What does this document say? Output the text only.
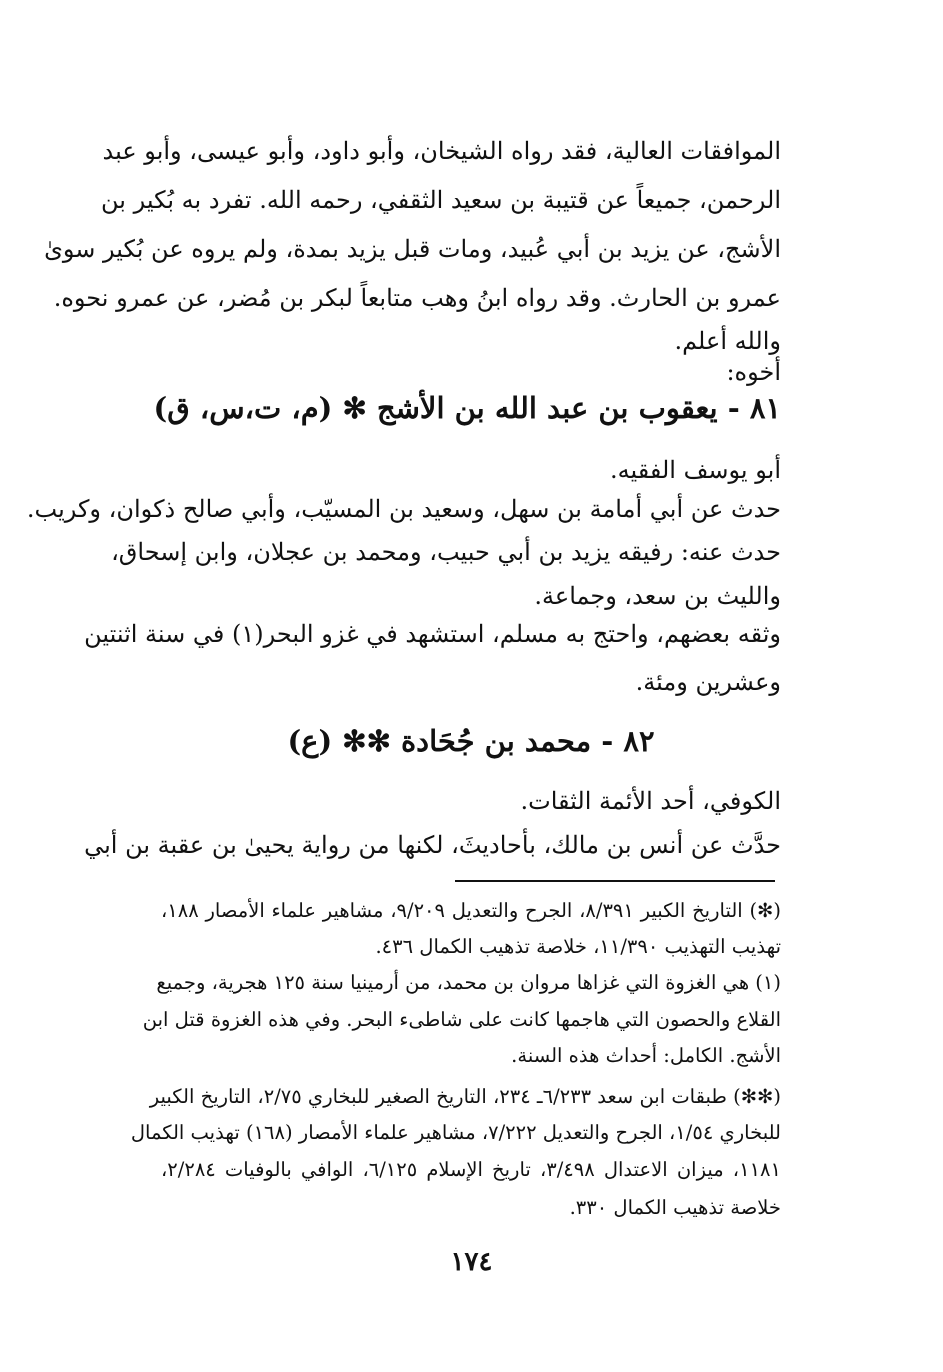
الموافقات العالية، فقد رواه الشيخان، وأبو داود، وأبو عيسى، وأبو عبد
الرحمن، جميعاً عن قتيبة بن سعيد الثقفي، رحمه الله. تفرد به بُكير بن
الأشج، عن يزيد بن أبي عُبيد، ومات قبل يزيد بمدة، ولم يروه عن بُكير سوىٰ
عمرو بن الحارث. وقد رواه ابنُ وهب متابعاً لبكر بن مُضر، عن عمرو نحوه.
والله أعلم.
أخوه:
٨١ - يعقوب بن عبد الله بن الأشج ✻ (م، ت،س، ق)
أبو يوسف الفقيه.
حدث عن أبي أمامة بن سهل، وسعيد بن المسيّب، وأبي صالح ذكوان، وكريب.
حدث عنه: رفيقه يزيد بن أبي حبيب، ومحمد بن عجلان، وابن إسحاق،
والليث بن سعد، وجماعة.
وثقه بعضهم، واحتج به مسلم، استشهد في غزو البحر(١) في سنة اثنتين
وعشرين ومئة.
٨٢ - محمد بن جُحَادة ✻✻ (ع)
الكوفي، أحد الأئمة الثقات.
حدَّث عن أنس بن مالك، بأحاديثَ، لكنها من رواية يحيىٰ بن عقبة بن أبي
(✻) التاريخ الكبير ٨/٣٩١، الجرح والتعديل ٩/٢٠٩، مشاهير علماء الأمصار ١٨٨،
تهذيب التهذيب ١١/٣٩٠، خلاصة تذهيب الكمال ٤٣٦.
(١) هي الغزوة التي غزاها مروان بن محمد، من أرمينيا سنة ١٢٥ هجرية، وجميع
القلاع والحصون التي هاجمها كانت على شاطىء البحر. وفي هذه الغزوة قتل ابن
الأشج. الكامل: أحداث هذه السنة.
(✻✻) طبقات ابن سعد ٦/٢٣٣ـ ٢٣٤، التاريخ الصغير للبخاري ٢/٧٥، التاريخ الكبير
للبخاري ١/٥٤، الجرح والتعديل ٧/٢٢٢، مشاهير علماء الأمصار (١٦٨) تهذيب الكمال
١١٨١، ميزان الاعتدال ٣/٤٩٨، تاريخ الإسلام ٦/١٢٥، الوافي بالوفيات ٢/٢٨٤،
خلاصة تذهيب الكمال ٣٣٠.
١٧٤
